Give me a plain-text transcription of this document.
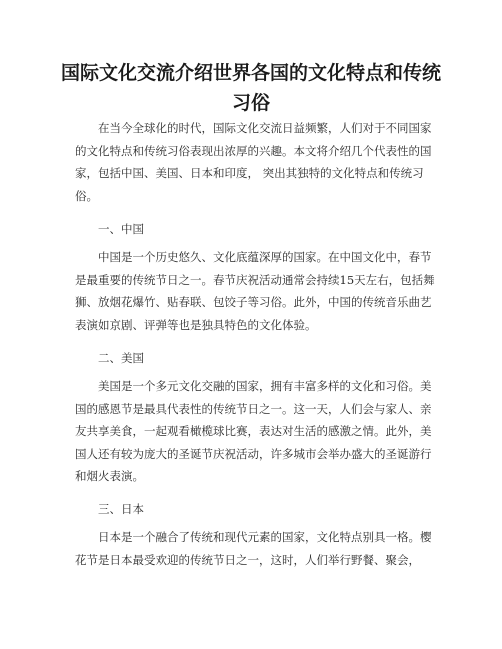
国际文化交流介绍世界各国的文化特点和传统习俗

在当今全球化的时代，国际文化交流日益频繁，人们对于不同国家的文化特点和传统习俗表现出浓厚的兴趣。本文将介绍几个代表性的国家，包括中国、美国、日本和印度， 突出其独特的文化特点和传统习俗。

一、中国

中国是一个历史悠久、文化底蕴深厚的国家。在中国文化中，春节是最重要的传统节日之一。春节庆祝活动通常会持续15天左右，包括舞狮、放烟花爆竹、贴春联、包饺子等习俗。此外，中国的传统音乐曲艺表演如京剧、评弹等也是独具特色的文化体验。

二、美国

美国是一个多元文化交融的国家，拥有丰富多样的文化和习俗。美国的感恩节是最具代表性的传统节日之一。这一天，人们会与家人、亲友共享美食，一起观看橄榄球比赛，表达对生活的感激之情。此外，美国人还有较为庞大的圣诞节庆祝活动，许多城市会举办盛大的圣诞游行和烟火表演。

三、日本

日本是一个融合了传统和现代元素的国家，文化特点别具一格。樱花节是日本最受欢迎的传统节日之一，这时，人们举行野餐、聚会，
